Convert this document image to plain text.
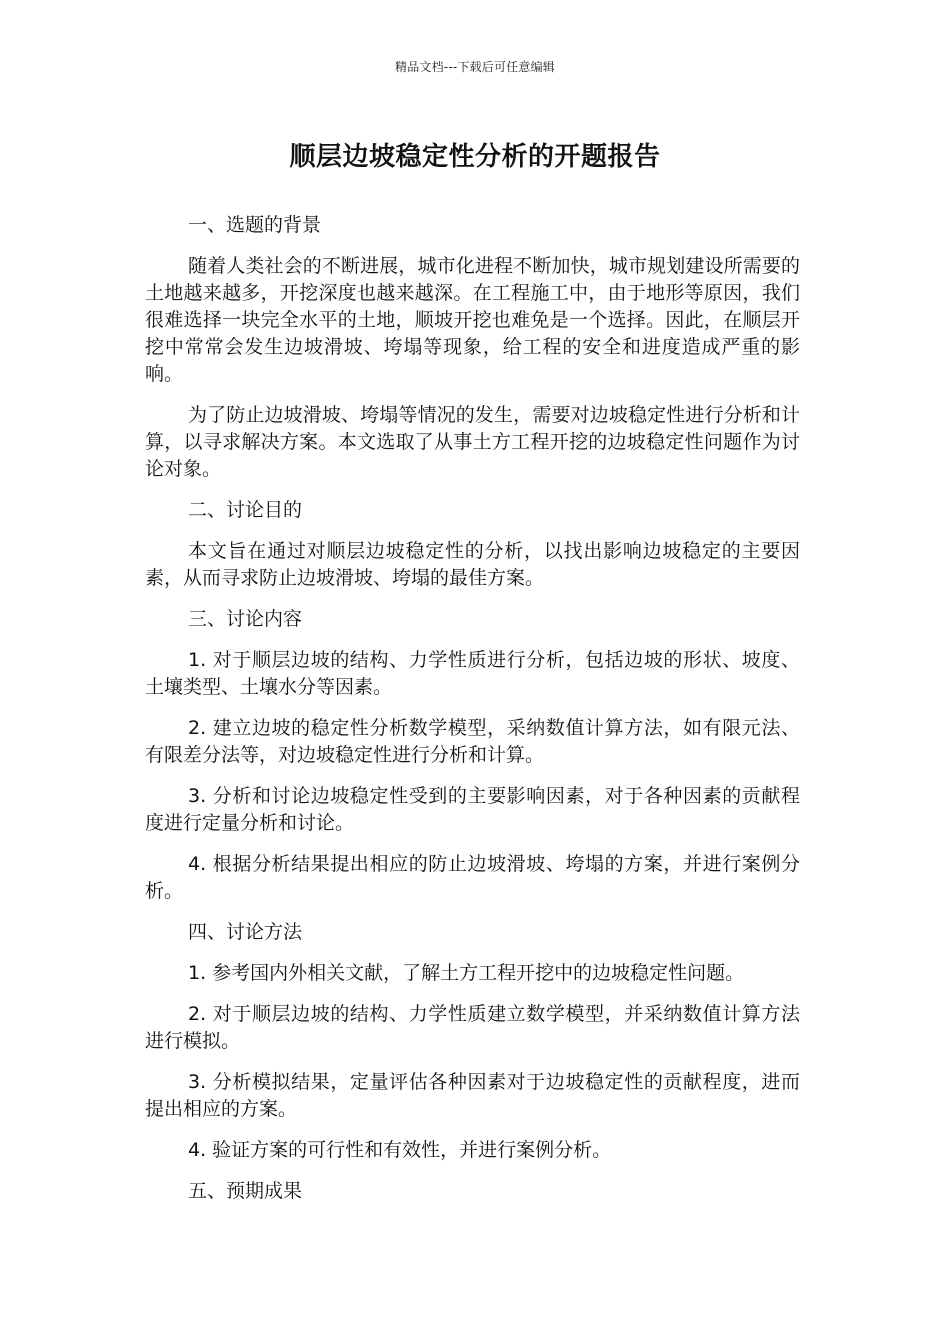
精品文档---下载后可任意编辑
顺层边坡稳定性分析的开题报告
一、选题的背景
随着人类社会的不断进展，城市化进程不断加快，城市规划建设所需要的土地越来越多，开挖深度也越来越深。在工程施工中，由于地形等原因，我们很难选择一块完全水平的土地，顺坡开挖也难免是一个选择。因此，在顺层开挖中常常会发生边坡滑坡、垮塌等现象，给工程的安全和进度造成严重的影响。
为了防止边坡滑坡、垮塌等情况的发生，需要对边坡稳定性进行分析和计算，以寻求解决方案。本文选取了从事土方工程开挖的边坡稳定性问题作为讨论对象。
二、讨论目的
本文旨在通过对顺层边坡稳定性的分析，以找出影响边坡稳定的主要因素，从而寻求防止边坡滑坡、垮塌的最佳方案。
三、讨论内容
1. 对于顺层边坡的结构、力学性质进行分析，包括边坡的形状、坡度、土壤类型、土壤水分等因素。
2. 建立边坡的稳定性分析数学模型，采纳数值计算方法，如有限元法、有限差分法等，对边坡稳定性进行分析和计算。
3. 分析和讨论边坡稳定性受到的主要影响因素，对于各种因素的贡献程度进行定量分析和讨论。
4. 根据分析结果提出相应的防止边坡滑坡、垮塌的方案，并进行案例分析。
四、讨论方法
1. 参考国内外相关文献，了解土方工程开挖中的边坡稳定性问题。
2. 对于顺层边坡的结构、力学性质建立数学模型，并采纳数值计算方法进行模拟。
3. 分析模拟结果，定量评估各种因素对于边坡稳定性的贡献程度，进而提出相应的方案。
4. 验证方案的可行性和有效性，并进行案例分析。
五、预期成果
